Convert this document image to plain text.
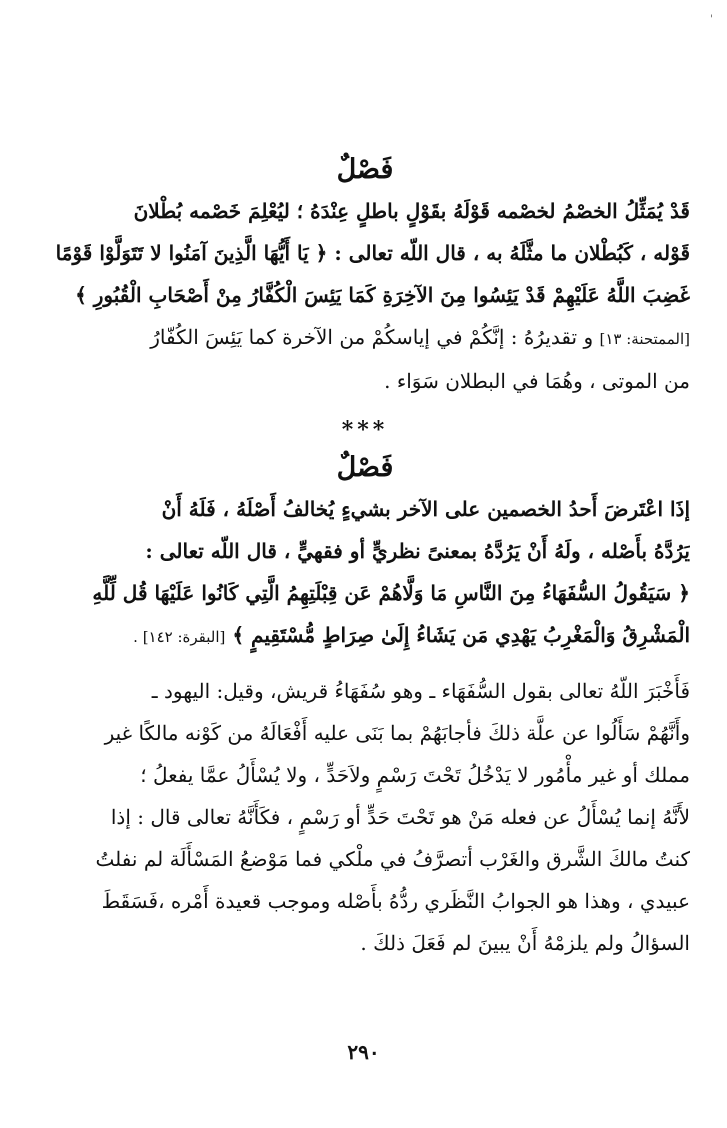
'
فَصْلٌ
قَدْ يُمَثِّلُ الخصْمُ لخصْمه قَوْلَهُ بقَوْلٍ باطلٍ عِنْدَهُ ؛ ليُعْلِمَ خَصْمه بُطْلانَ
قَوْله ، كَبُطْلان ما مثَّلَهُ به ، قال اللّه تعالى : ﴿ يَا أَيُّهَا الَّذِينَ آمَنُوا لا تَتَوَلَّوْا قَوْمًا
غَضِبَ اللَّهُ عَلَيْهِمْ قَدْ يَئِسُوا مِنَ الآخِرَةِ كَمَا يَئِسَ الْكُفَّارُ مِنْ أَصْحَابِ الْقُبُورِ ﴾
[الممتحنة: ١٣] و تقديرُهُ : إنَّكُمْ في إياسكُمْ من الآخرة كما يَئِسَ الكُفّارُ
من الموتى ، وهُمَا في البطلان سَوَاء .
***
فَصْلٌ
إذَا اعْتَرضَ أَحدُ الخصمين على الآخر بشيءٍ يُخالفُ أَصْلَهُ ، فَلَهُ أَنْ
يَرُدَّهُ بأَصْله ، ولَهُ أَنْ يَرُدَّهُ بمعنىً نظريٍّ أو فقهيٍّ ، قال اللّه تعالى :
﴿ سَيَقُولُ السُّفَهَاءُ مِنَ النَّاسِ مَا وَلَّاهُمْ عَن قِبْلَتِهِمُ الَّتِي كَانُوا عَلَيْهَا قُل لِّلَّهِ
الْمَشْرِقُ وَالْمَغْرِبُ يَهْدِي مَن يَشَاءُ إِلَىٰ صِرَاطٍ مُّسْتَقِيمٍ ﴾ [البقرة: ١٤٢] .
فَأَخْبَرَ اللّهُ تعالى بقول السُّفَهَاء ـ وهو سُفَهَاءُ قريش، وقيل: اليهود ـ
وأَنَّهُمْ سَأَلُوا عن علَّة ذلكَ فأجابَهُمْ بما بَنَى عليه أَفْعَالَهُ من كَوْنه مالكًا غير
مملك أو غير مأْمُور لا يَدْخُلُ تَحْتَ رَسْمٍ ولاَحَدٍّ ، ولا يُسْأَلُ عمَّا يفعلُ ؛
لأَنَّهُ إنما يُسْأَلُ عن فعله مَنْ هو تَحْتَ حَدٍّ أو رَسْمٍ ، فكَأَنَّهُ تعالى قال : إذا
كنتُ مالكَ الشَّرق والغَرْب أتصرَّفُ في ملْكي فما مَوْضعُ المَسْأَلَة لم نفلتُ
عبيدي ، وهذا هو الجوابُ النَّظَري ردُّهُ بأَصْله وموجب قعيدة أَمْره ،فَسَقَطَ
السؤالُ ولم يلزمْهُ أَنْ يبينَ لم فَعَلَ ذلكَ .
٢٩٠
